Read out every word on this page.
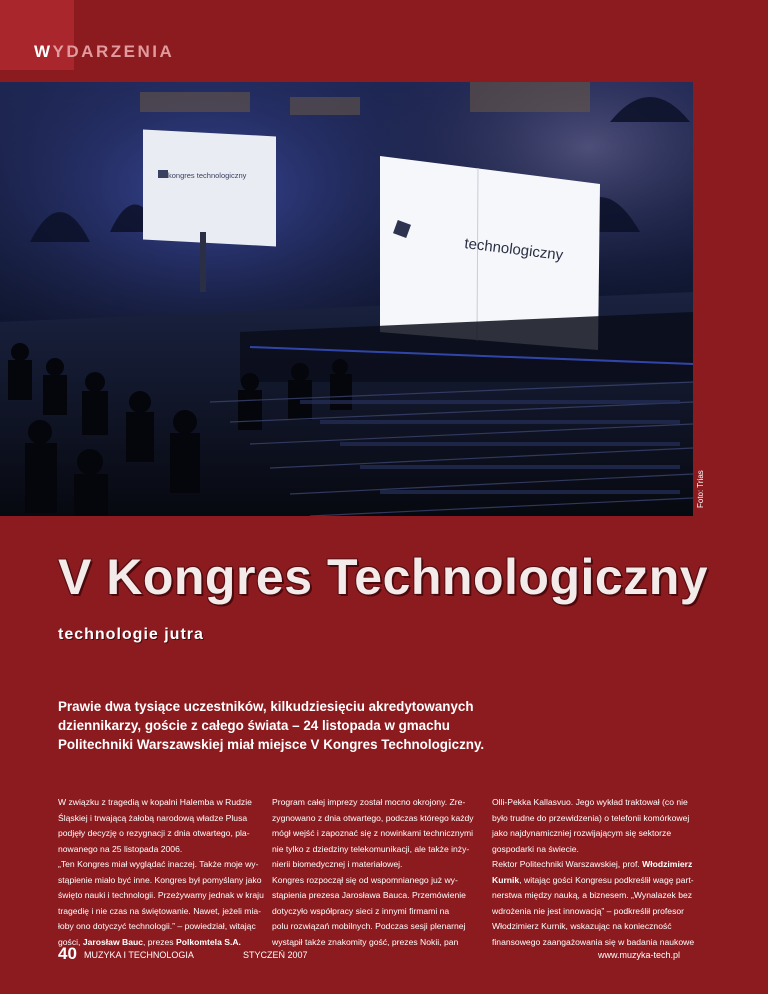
WYDARZENIA
kongres technologiczny
technologiczny
Foto: Trias
V Kongres Technologiczny
technologie jutra
Prawie dwa tysiące uczestników, kilkudziesięciu akredytowanych
dziennikarzy, goście z całego świata – 24 listopada w gmachu
Politechniki Warszawskiej miał miejsce V Kongres Technologiczny.
W związku z tragedią w kopalni Halemba w Rudzie
Śląskiej i trwającą żałobą narodową władze Plusa
podjęły decyzję o rezygnacji z dnia otwartego, pla-
nowanego na 25 listopada 2006.
„Ten Kongres miał wyglądać inaczej. Także moje wy-
stąpienie miało być inne. Kongres był pomyślany jako
święto nauki i technologii. Przeżywamy jednak w kraju
tragedię i nie czas na świętowanie. Nawet, jeżeli mia-
łoby ono dotyczyć technologii.” – powiedział, witając
gości, Jarosław Bauc, prezes Polkomtela S.A.
Program całej imprezy został mocno okrojony. Zre-
zygnowano z dnia otwartego, podczas którego każdy
mógł wejść i zapoznać się z nowinkami technicznymi
nie tylko z dziedziny telekomunikacji, ale także inży-
nierii biomedycznej i materiałowej.
Kongres rozpoczął się od wspomnianego już wy-
stąpienia prezesa Jarosława Bauca. Przemówienie
dotyczyło współpracy sieci z innymi firmami na
polu rozwiązań mobilnych. Podczas sesji plenarnej
wystąpił także znakomity gość, prezes Nokii, pan
Olli-Pekka Kallasvuo. Jego wykład traktował (co nie
było trudne do przewidzenia) o telefonii komórkowej
jako najdynamiczniej rozwijającym się sektorze
gospodarki na świecie.
Rektor Politechniki Warszawskiej, prof. Włodzimierz
Kurnik, witając gości Kongresu podkreślił wagę part-
nerstwa między nauką, a biznesem. „Wynalazek bez
wdrożenia nie jest innowacją” – podkreślił profesor
Włodzimierz Kurnik, wskazując na konieczność
finansowego zaangażowania się w badania naukowe
40 MUZYKA I TECHNOLOGIA	STYCZEŃ 2007	www.muzyka-tech.pl
